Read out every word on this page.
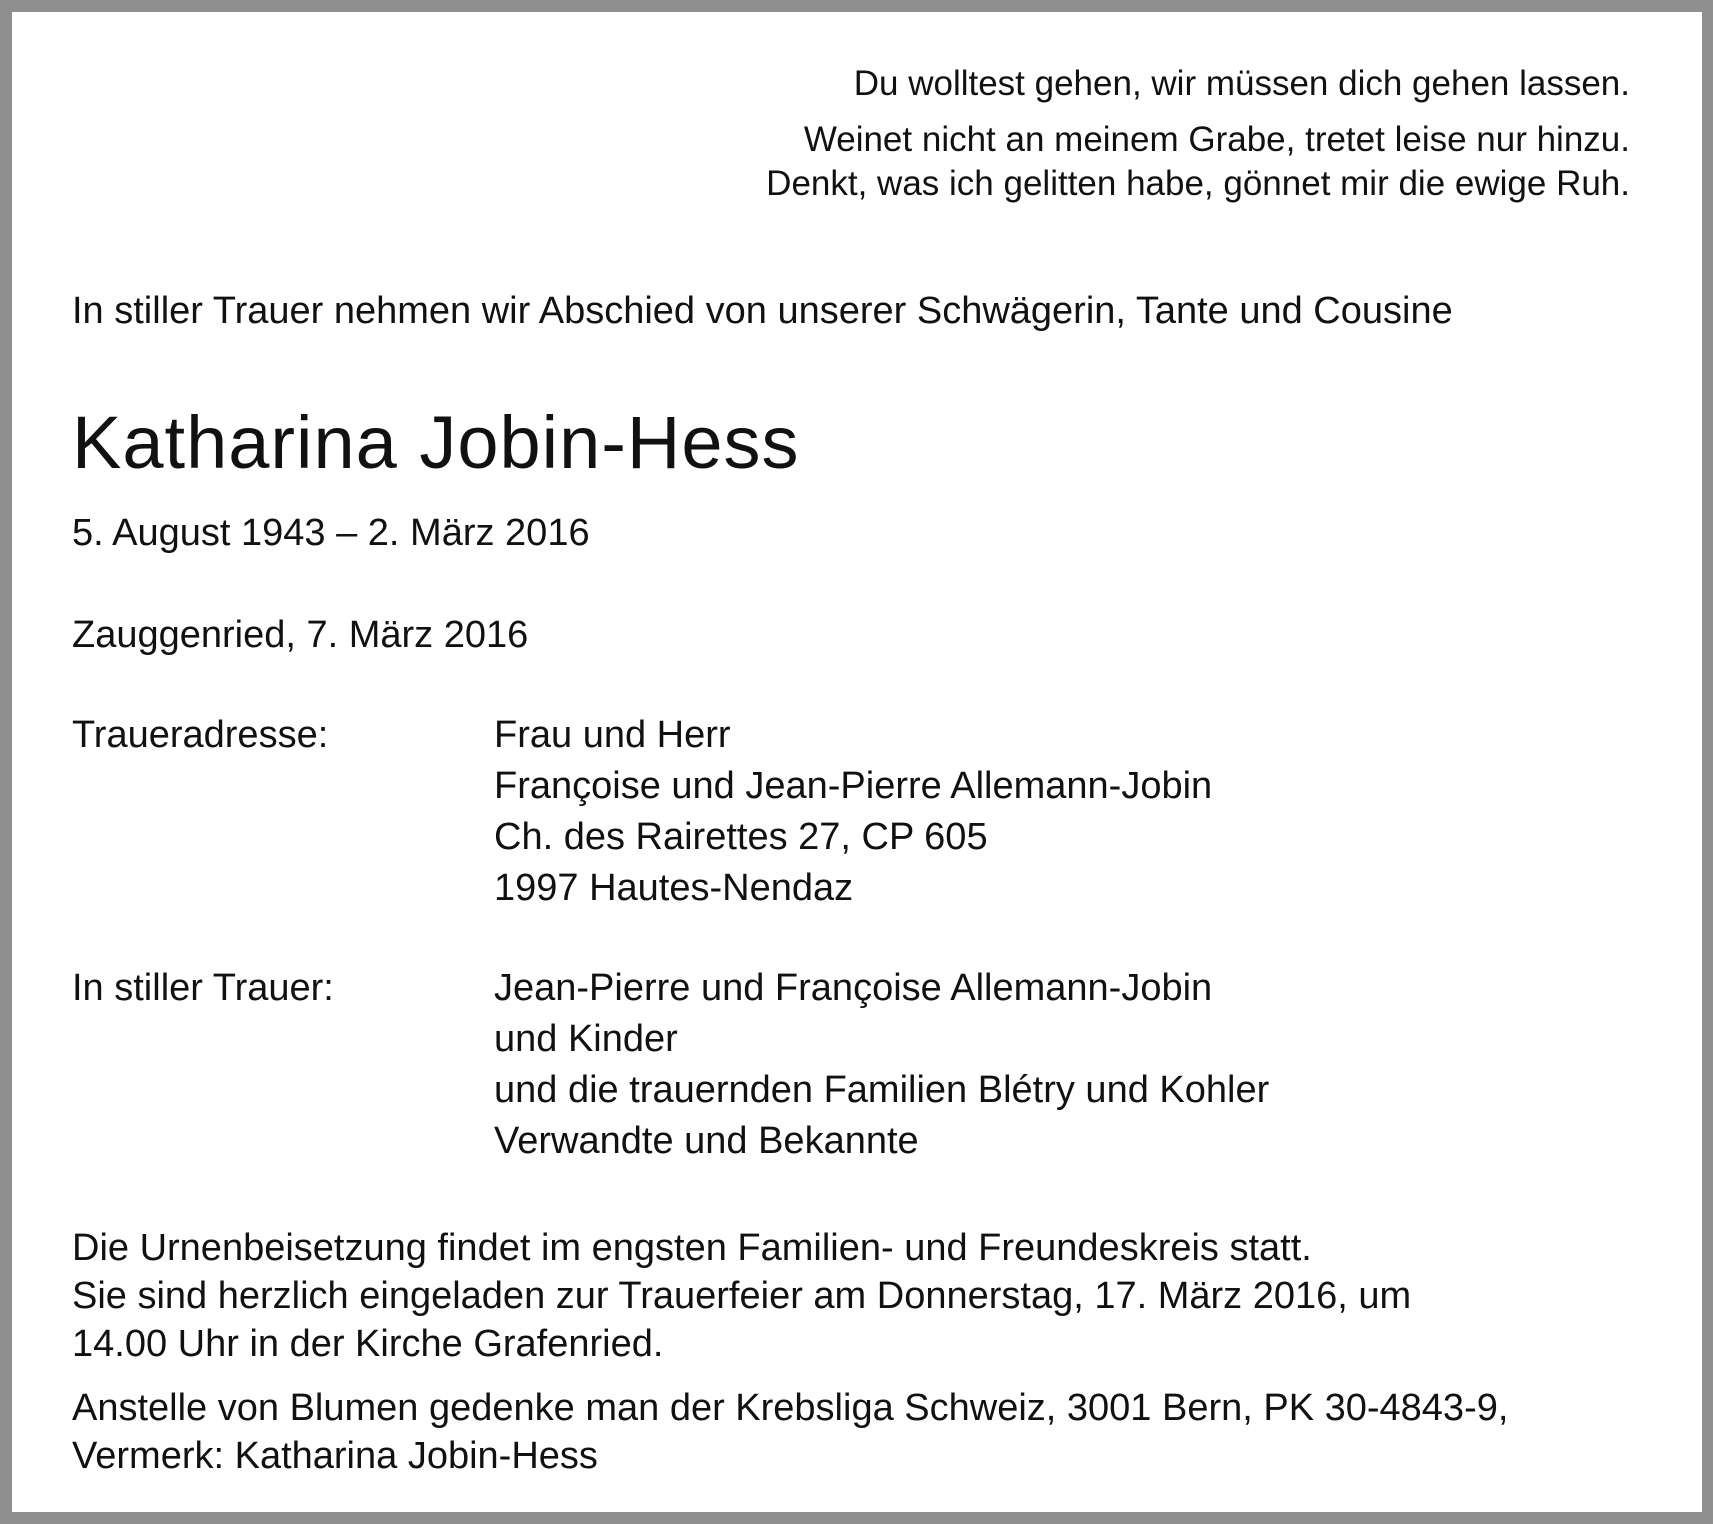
Du wolltest gehen, wir müssen dich gehen lassen.
Weinet nicht an meinem Grabe, tretet leise nur hinzu.
Denkt, was ich gelitten habe, gönnet mir die ewige Ruh.
In stiller Trauer nehmen wir Abschied von unserer Schwägerin, Tante und Cousine
Katharina Jobin-Hess
5. August 1943 – 2. März 2016
Zauggenried, 7. März 2016
Traueradresse:	Frau und Herr
Françoise und Jean-Pierre Allemann-Jobin
Ch. des Rairettes 27, CP 605
1997 Hautes-Nendaz
In stiller Trauer:	Jean-Pierre und Françoise Allemann-Jobin
und Kinder
und die trauernden Familien Blétry und Kohler
Verwandte und Bekannte
Die Urnenbeisetzung findet im engsten Familien- und Freundeskreis statt.
Sie sind herzlich eingeladen zur Trauerfeier am Donnerstag, 17. März 2016, um
14.00 Uhr in der Kirche Grafenried.
Anstelle von Blumen gedenke man der Krebsliga Schweiz, 3001 Bern, PK 30-4843-9,
Vermerk: Katharina Jobin-Hess
